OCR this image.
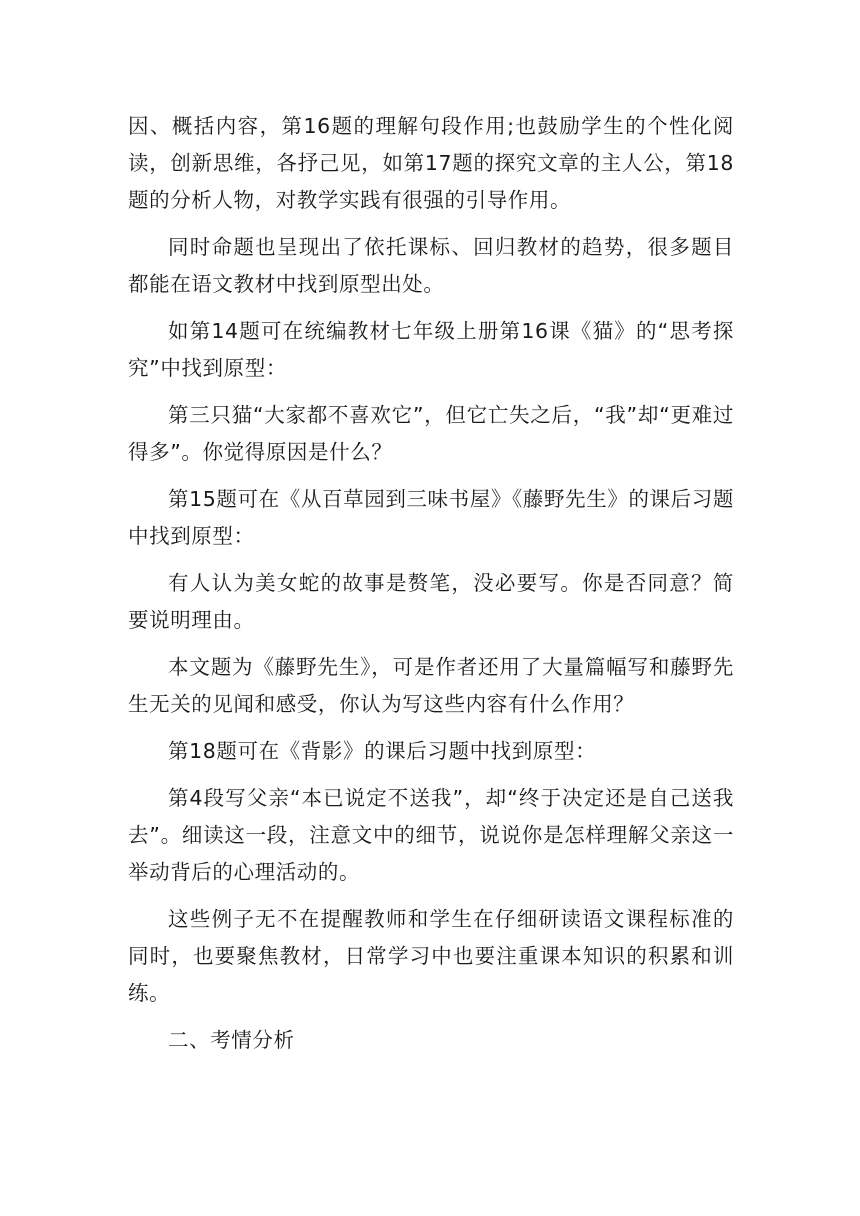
因、概括内容，第16题的理解句段作用;也鼓励学生的个性化阅读，创新思维，各抒己见，如第17题的探究文章的主人公，第18题的分析人物，对教学实践有很强的引导作用。

同时命题也呈现出了依托课标、回归教材的趋势，很多题目都能在语文教材中找到原型出处。

如第14题可在统编教材七年级上册第16课《猫》的“思考探究”中找到原型：

第三只猫“大家都不喜欢它”，但它亡失之后，“我”却“更难过得多”。你觉得原因是什么？

第15题可在《从百草园到三味书屋》《藤野先生》的课后习题中找到原型：

有人认为美女蛇的故事是赘笔，没必要写。你是否同意？简要说明理由。

本文题为《藤野先生》，可是作者还用了大量篇幅写和藤野先生无关的见闻和感受，你认为写这些内容有什么作用？

第18题可在《背影》的课后习题中找到原型：

第4段写父亲“本已说定不送我”，却“终于决定还是自己送我去”。细读这一段，注意文中的细节，说说你是怎样理解父亲这一举动背后的心理活动的。

这些例子无不在提醒教师和学生在仔细研读语文课程标准的同时，也要聚焦教材，日常学习中也要注重课本知识的积累和训练。

二、考情分析
